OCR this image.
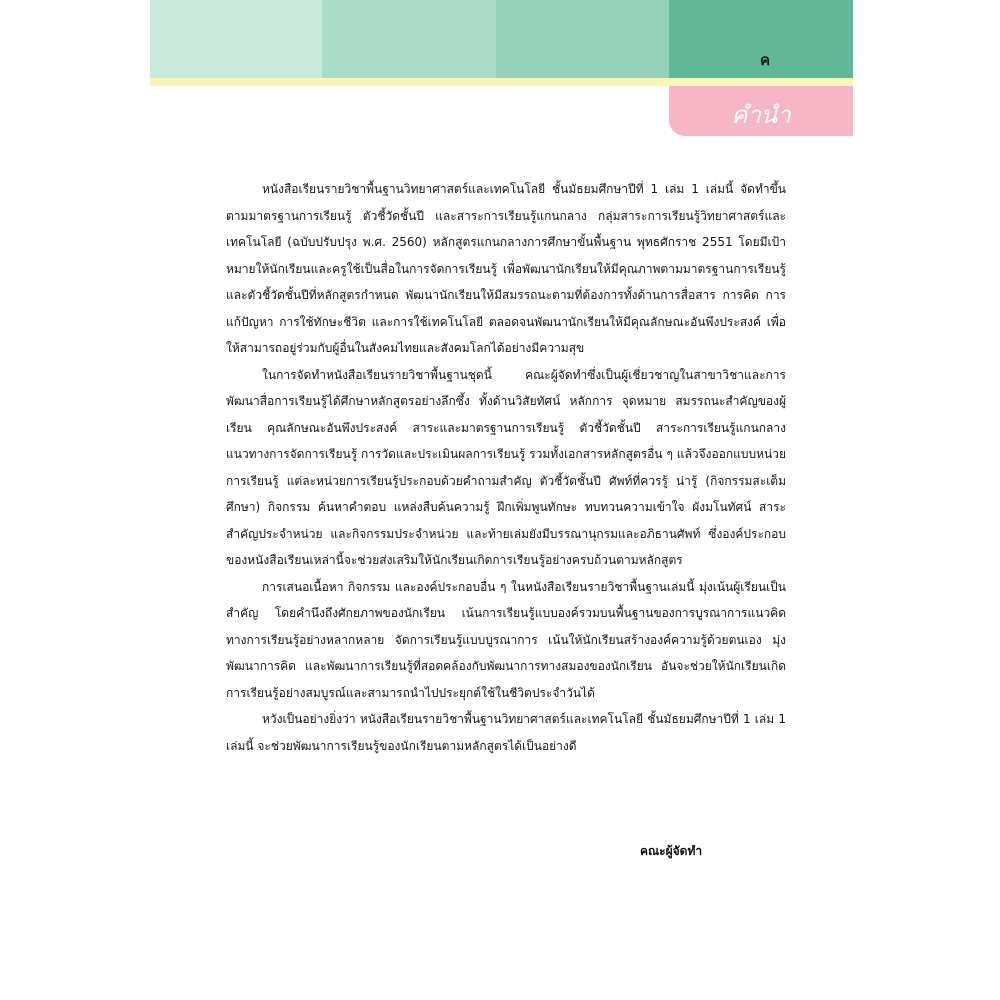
ค
คำนำ

หนังสือเรียนรายวิชาพื้นฐานวิทยาศาสตร์และเทคโนโลยี ชั้นมัธยมศึกษาปีที่ 1 เล่ม 1 เล่มนี้ จัดทำขึ้นตามมาตรฐานการเรียนรู้ ตัวชี้วัดชั้นปี และสาระการเรียนรู้แกนกลาง กลุ่มสาระการเรียนรู้วิทยาศาสตร์และเทคโนโลยี (ฉบับปรับปรุง พ.ศ. 2560) หลักสูตรแกนกลางการศึกษาขั้นพื้นฐาน พุทธศักราช 2551 โดยมีเป้าหมายให้นักเรียนและครูใช้เป็นสื่อในการจัดการเรียนรู้ เพื่อพัฒนานักเรียนให้มีคุณภาพตามมาตรฐานการเรียนรู้และตัวชี้วัดชั้นปีที่หลักสูตรกำหนด พัฒนานักเรียนให้มีสมรรถนะตามที่ต้องการทั้งด้านการสื่อสาร การคิด การแก้ปัญหา การใช้ทักษะชีวิต และการใช้เทคโนโลยี ตลอดจนพัฒนานักเรียนให้มีคุณลักษณะอันพึงประสงค์ เพื่อให้สามารถอยู่ร่วมกับผู้อื่นในสังคมไทยและสังคมโลกได้อย่างมีความสุข

ในการจัดทำหนังสือเรียนรายวิชาพื้นฐานชุดนี้ คณะผู้จัดทำซึ่งเป็นผู้เชี่ยวชาญในสาขาวิชาและการพัฒนาสื่อการเรียนรู้ได้ศึกษาหลักสูตรอย่างลึกซึ้ง ทั้งด้านวิสัยทัศน์ หลักการ จุดหมาย สมรรถนะสำคัญของผู้เรียน คุณลักษณะอันพึงประสงค์ สาระและมาตรฐานการเรียนรู้ ตัวชี้วัดชั้นปี สาระการเรียนรู้แกนกลาง แนวทางการจัดการเรียนรู้ การวัดและประเมินผลการเรียนรู้ รวมทั้งเอกสารหลักสูตรอื่น ๆ แล้วจึงออกแบบหน่วยการเรียนรู้ แต่ละหน่วยการเรียนรู้ประกอบด้วยคำถามสำคัญ ตัวชี้วัดชั้นปี ศัพท์ที่ควรรู้ น่ารู้ (กิจกรรมสะเต็มศึกษา) กิจกรรม ค้นหาคำตอบ แหล่งสืบค้นความรู้ ฝึกเพิ่มพูนทักษะ ทบทวนความเข้าใจ ผังมโนทัศน์ สาระสำคัญประจำหน่วย และกิจกรรมประจำหน่วย และท้ายเล่มยังมีบรรณานุกรมและอภิธานศัพท์ ซึ่งองค์ประกอบของหนังสือเรียนเหล่านี้จะช่วยส่งเสริมให้นักเรียนเกิดการเรียนรู้อย่างครบถ้วนตามหลักสูตร

การเสนอเนื้อหา กิจกรรม และองค์ประกอบอื่น ๆ ในหนังสือเรียนรายวิชาพื้นฐานเล่มนี้ มุ่งเน้นผู้เรียนเป็นสำคัญ โดยคำนึงถึงศักยภาพของนักเรียน เน้นการเรียนรู้แบบองค์รวมบนพื้นฐานของการบูรณาการแนวคิดทางการเรียนรู้อย่างหลากหลาย จัดการเรียนรู้แบบบูรณาการ เน้นให้นักเรียนสร้างองค์ความรู้ด้วยตนเอง มุ่งพัฒนาการคิด และพัฒนาการเรียนรู้ที่สอดคล้องกับพัฒนาการทางสมองของนักเรียน อันจะช่วยให้นักเรียนเกิดการเรียนรู้อย่างสมบูรณ์และสามารถนำไปประยุกต์ใช้ในชีวิตประจำวันได้

หวังเป็นอย่างยิ่งว่า หนังสือเรียนรายวิชาพื้นฐานวิทยาศาสตร์และเทคโนโลยี ชั้นมัธยมศึกษาปีที่ 1 เล่ม 1 เล่มนี้ จะช่วยพัฒนาการเรียนรู้ของนักเรียนตามหลักสูตรได้เป็นอย่างดี

คณะผู้จัดทำ
